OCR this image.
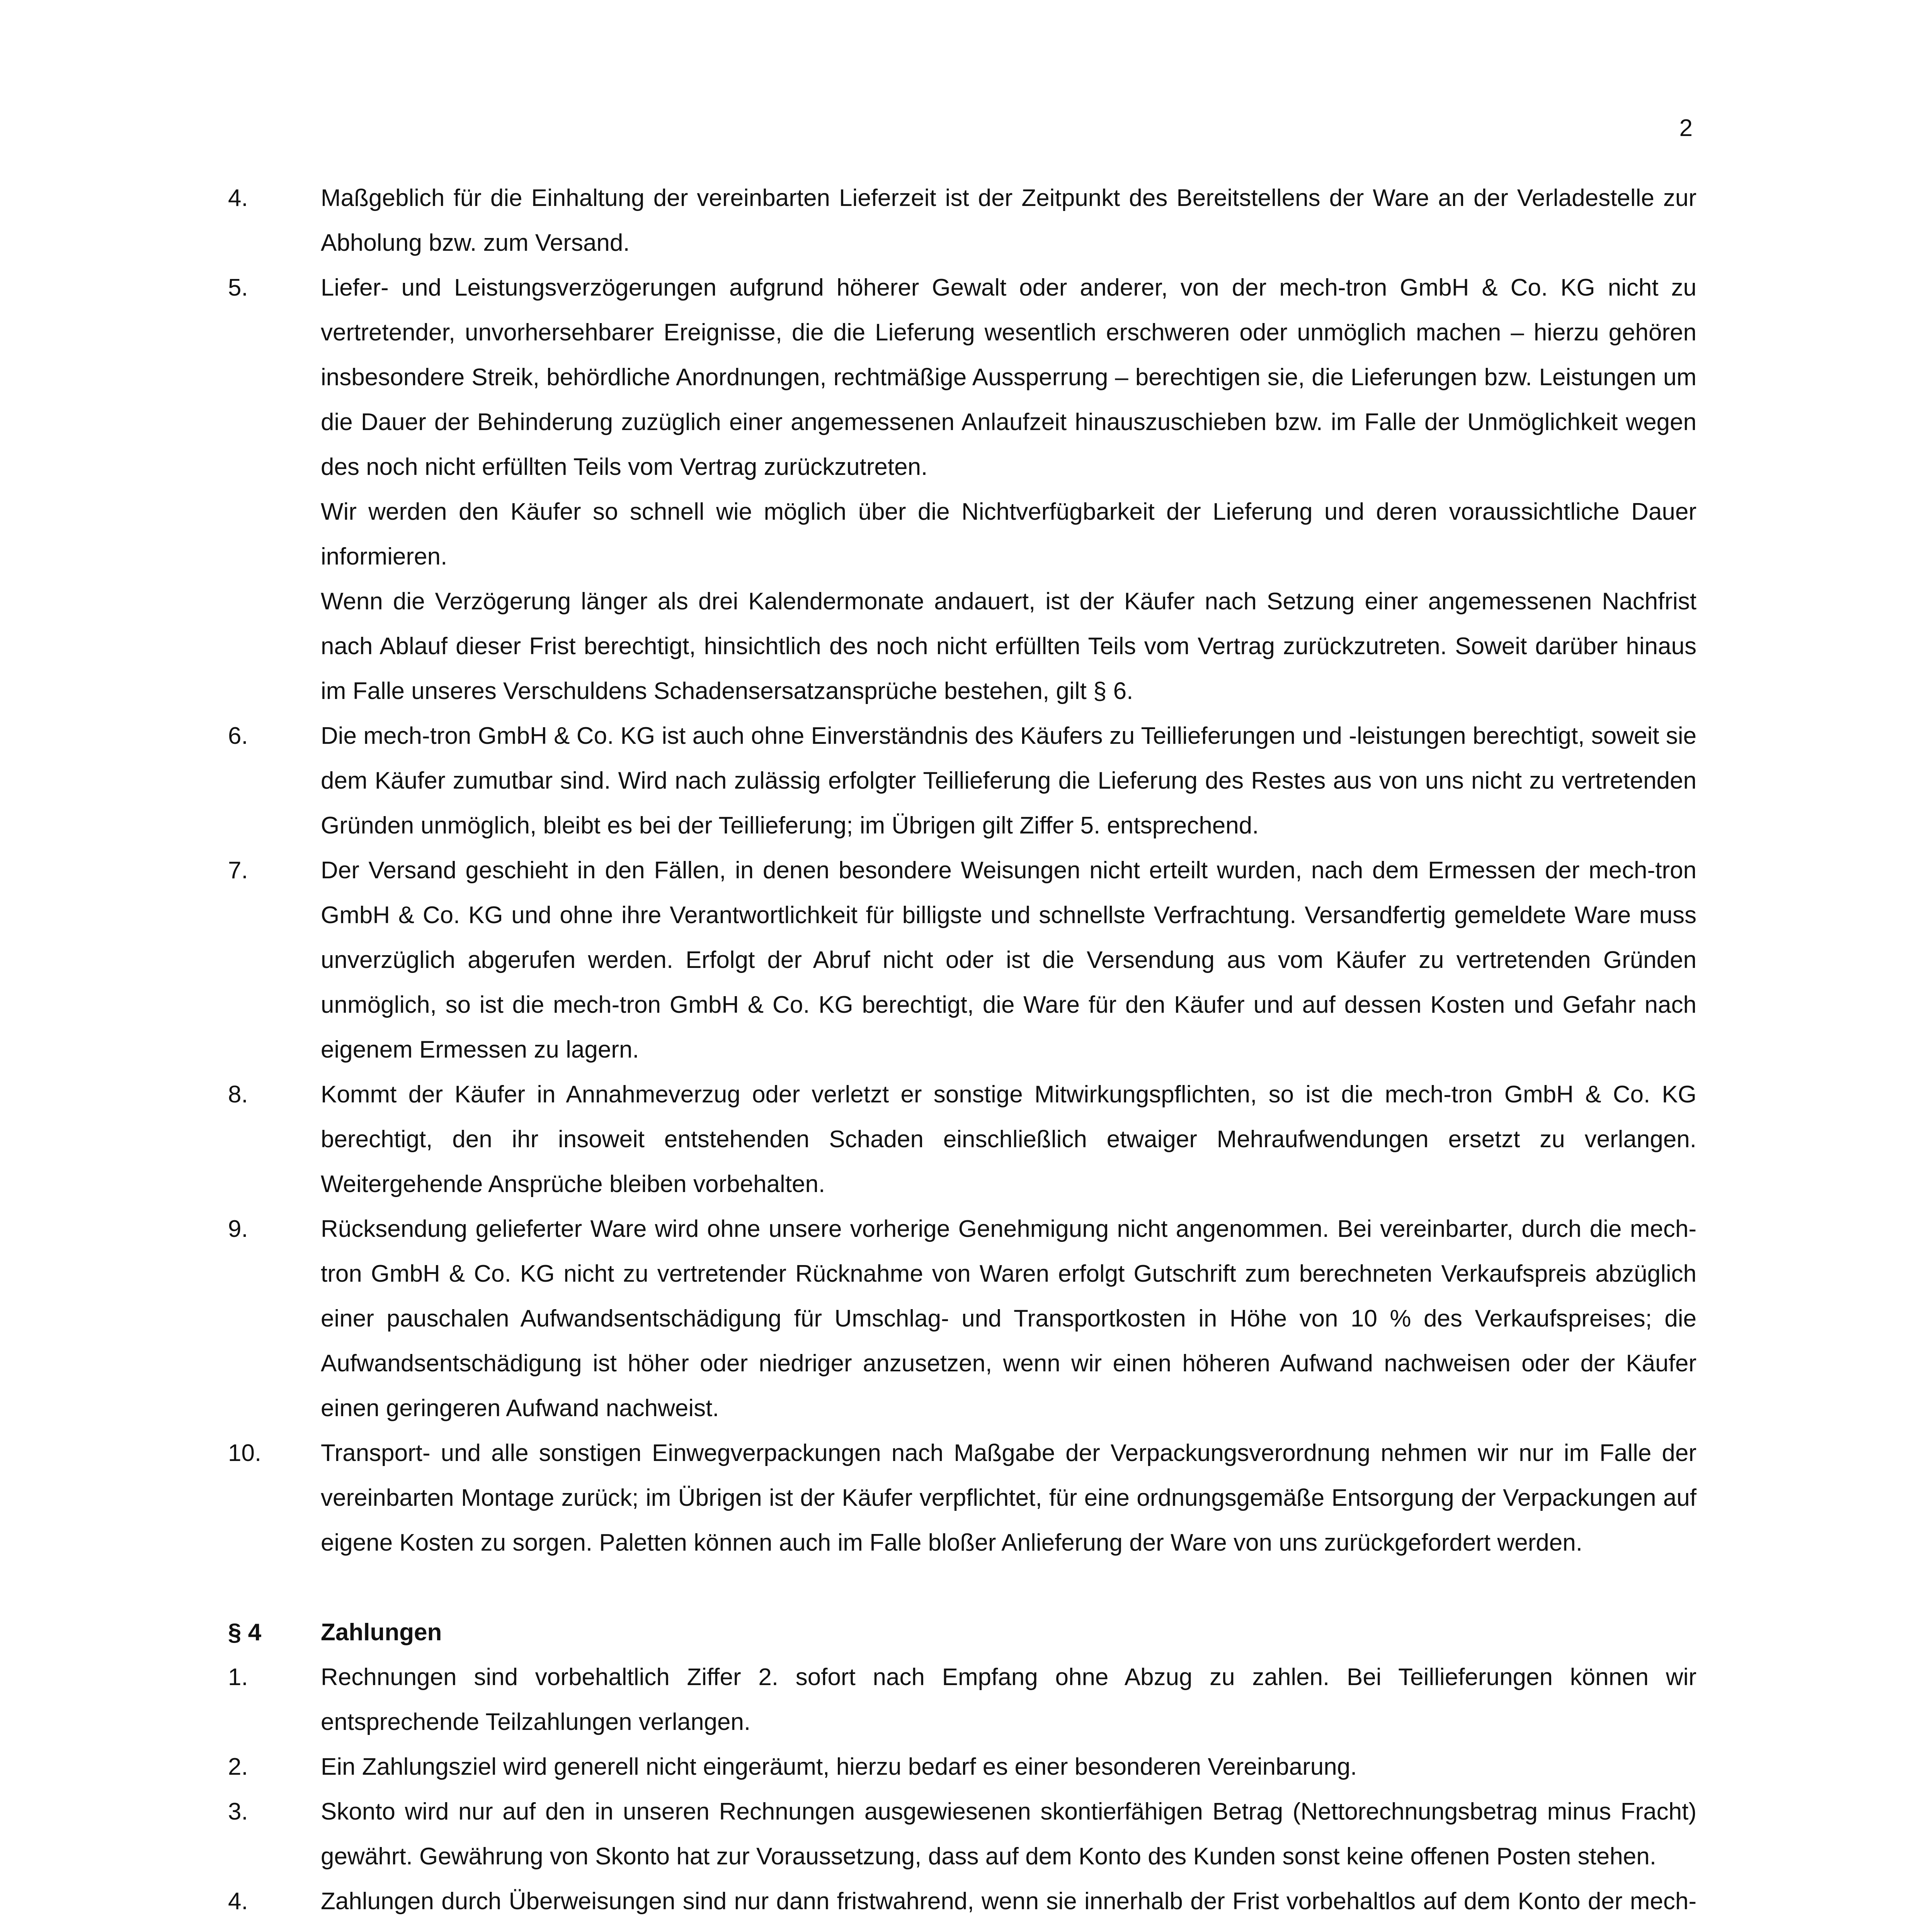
2
4.	Maßgeblich für die Einhaltung der vereinbarten Lieferzeit ist der Zeitpunkt des Bereitstellens der Ware an der Verladestelle zur Abholung bzw. zum Versand.

5.	Liefer- und Leistungsverzögerungen aufgrund höherer Gewalt oder anderer, von der mech-tron GmbH & Co. KG nicht zu vertretender, unvorhersehbarer Ereignisse, die die Lieferung wesentlich erschweren oder unmöglich machen – hierzu gehören insbesondere Streik, behördliche Anordnungen, rechtmäßige Aussperrung – berechtigen sie, die Lieferungen bzw. Leistungen um die Dauer der Behinderung zuzüglich einer angemessenen Anlaufzeit hinauszuschieben bzw. im Falle der Unmöglichkeit wegen des noch nicht erfüllten Teils vom Vertrag zurückzutreten.

Wir werden den Käufer so schnell wie möglich über die Nichtverfügbarkeit der Lieferung und deren voraussichtliche Dauer informieren.

Wenn die Verzögerung länger als drei Kalendermonate andauert, ist der Käufer nach Setzung einer angemessenen Nachfrist nach Ablauf dieser Frist berechtigt, hinsichtlich des noch nicht erfüllten Teils vom Vertrag zurückzutreten. Soweit darüber hinaus im Falle unseres Verschuldens Schadensersatzansprüche bestehen, gilt § 6.

6.	Die mech-tron GmbH & Co. KG ist auch ohne Einverständnis des Käufers zu Teillieferungen und -leistungen berechtigt, soweit sie dem Käufer zumutbar sind. Wird nach zulässig erfolgter Teillieferung die Lieferung des Restes aus von uns nicht zu vertretenden Gründen unmöglich, bleibt es bei der Teillieferung; im Übrigen gilt Ziffer 5. entsprechend.

7.	Der Versand geschieht in den Fällen, in denen besondere Weisungen nicht erteilt wurden, nach dem Ermessen der mech-tron GmbH & Co. KG und ohne ihre Verantwortlichkeit für billigste und schnellste Verfrachtung. Versandfertig gemeldete Ware muss unverzüglich abgerufen werden. Erfolgt der Abruf nicht oder ist die Versendung aus vom Käufer zu vertretenden Gründen unmöglich, so ist die mech-tron GmbH & Co. KG berechtigt, die Ware für den Käufer und auf dessen Kosten und Gefahr nach eigenem Ermessen zu lagern.

8.	Kommt der Käufer in Annahmeverzug oder verletzt er sonstige Mitwirkungspflichten, so ist die mech-tron GmbH & Co. KG berechtigt, den ihr insoweit entstehenden Schaden einschließlich etwaiger Mehraufwendungen ersetzt zu verlangen. Weitergehende Ansprüche bleiben vorbehalten.

9.	Rücksendung gelieferter Ware wird ohne unsere vorherige Genehmigung nicht angenommen. Bei vereinbarter, durch die mech-tron GmbH & Co. KG nicht zu vertretender Rücknahme von Waren erfolgt Gutschrift zum berechneten Verkaufspreis abzüglich einer pauschalen Aufwandsentschädigung für Umschlag- und Transportkosten in Höhe von 10 % des Verkaufspreises; die Aufwandsentschädigung ist höher oder niedriger anzusetzen, wenn wir einen höheren Aufwand nachweisen oder der Käufer einen geringeren Aufwand nachweist.

10.	Transport- und alle sonstigen Einwegverpackungen nach Maßgabe der Verpackungsverordnung nehmen wir nur im Falle der vereinbarten Montage zurück; im Übrigen ist der Käufer verpflichtet, für eine ordnungsgemäße Entsorgung der Verpackungen auf eigene Kosten zu sorgen. Paletten können auch im Falle bloßer Anlieferung der Ware von uns zurückgefordert werden.

§ 4 Zahlungen
1.	Rechnungen sind vorbehaltlich Ziffer 2. sofort nach Empfang ohne Abzug zu zahlen. Bei Teillieferungen können wir entsprechende Teilzahlungen verlangen.

2.	Ein Zahlungsziel wird generell nicht eingeräumt, hierzu bedarf es einer besonderen Vereinbarung.

3.	Skonto wird nur auf den in unseren Rechnungen ausgewiesenen skontierfähigen Betrag (Nettorechnungsbetrag minus Fracht) gewährt. Gewährung von Skonto hat zur Voraussetzung, dass auf dem Konto des Kunden sonst keine offenen Posten stehen.

4.	Zahlungen durch Überweisungen sind nur dann fristwahrend, wenn sie innerhalb der Frist vorbehaltlos auf dem Konto der mech-
